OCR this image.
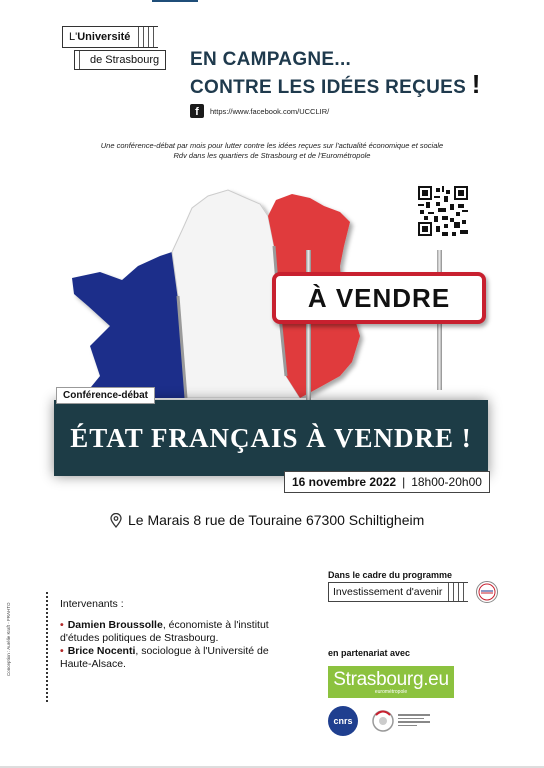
L' Université
de Strasbourg	EN CAMPAGNE...
CONTRE LES IDÉES REÇUES !
f	https://www.facebook.com/UCCLIR/
Une conférence-débat par mois pour lutter contre les idées reçues sur l'actualité économique et sociale
Rdv dans les quartiers de Strasbourg et de l'Eurométropole
À VENDRE
ÉTAT FRANÇAIS À VENDRE !
Conférence-débat
16 novembre 2022 | 18h00-20h00
Le Marais 8 rue de Touraine 67300 Schiltigheim
Intervenants :
• Damien Broussolle, économiste à l'institut d'études politiques de Strasbourg.
• Brice Nocenti, sociologue à l'Université de Haute-Alsace.
Dans le cadre du programme
Investissement d'avenir
en partenariat avec
Strasbourg.eu
eurométropole
cnrs
Conception : Aurélie Kraft - FRAHTO
